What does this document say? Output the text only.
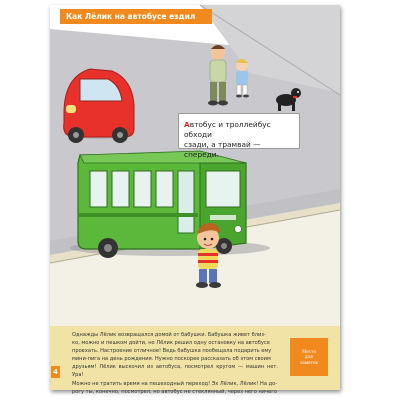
Как Лёлик на автобусе ездил
Автобус и троллейбус обходи
сзади, а трамвай — спереди.
4
Однажды Лёлик возвращался домой от бабушки. Бабушка живет близ-
ко, можно и пешком дойти, но Лёлик решил одну остановку на автобусе
проехать. Настроение отличное! Ведь бабушка пообещала подарить ему
мини-пига на день рождения. Нужно поскорее рассказать об этом своим
друзьям! Лёлик выскочил из автобуса, посмотрел кругом — машин нет. Ура!
Можно не тратить время на пешеходный переход! Эх Лёлик, Лёлик! На до-
рогу ты, конечно, посмотрел, но автобус не стеклянный, через него ничего
Место
для
заметок
